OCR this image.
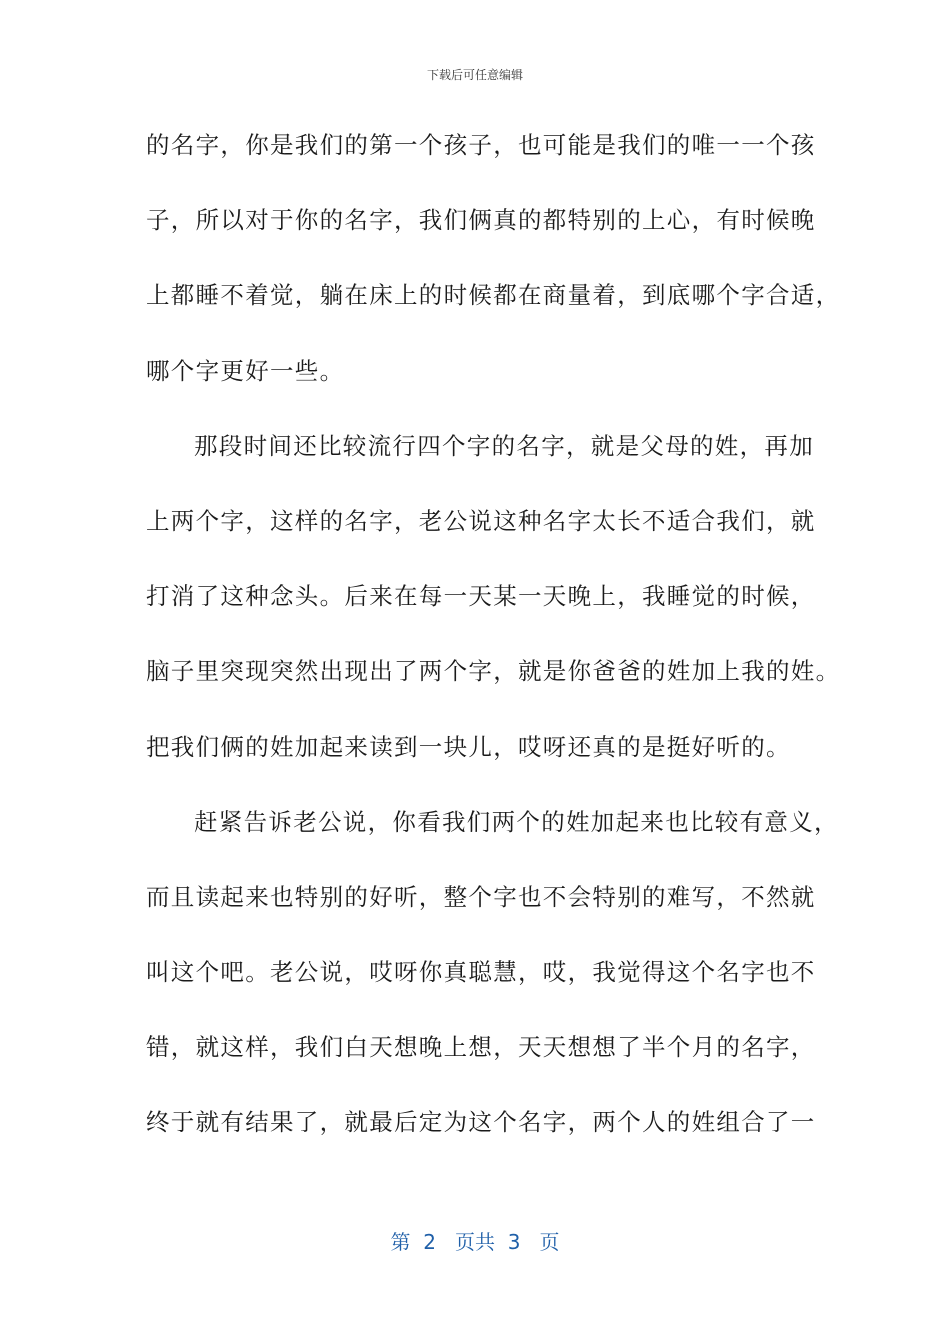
下载后可任意编辑
的名字，你是我们的第一个孩子，也可能是我们的唯一一个孩
子，所以对于你的名字，我们俩真的都特别的上心，有时候晚
上都睡不着觉，躺在床上的时候都在商量着，到底哪个字合适，
哪个字更好一些。
那段时间还比较流行四个字的名字，就是父母的姓，再加
上两个字，这样的名字，老公说这种名字太长不适合我们，就
打消了这种念头。后来在每一天某一天晚上，我睡觉的时候，
脑子里突现突然出现出了两个字，就是你爸爸的姓加上我的姓。
把我们俩的姓加起来读到一块儿，哎呀还真的是挺好听的。
赶紧告诉老公说，你看我们两个的姓加起来也比较有意义，
而且读起来也特别的好听，整个字也不会特别的难写，不然就
叫这个吧。老公说，哎呀你真聪慧，哎，我觉得这个名字也不
错，就这样，我们白天想晚上想，天天想想了半个月的名字，
终于就有结果了，就最后定为这个名字，两个人的姓组合了一
第  2   页共  3   页
